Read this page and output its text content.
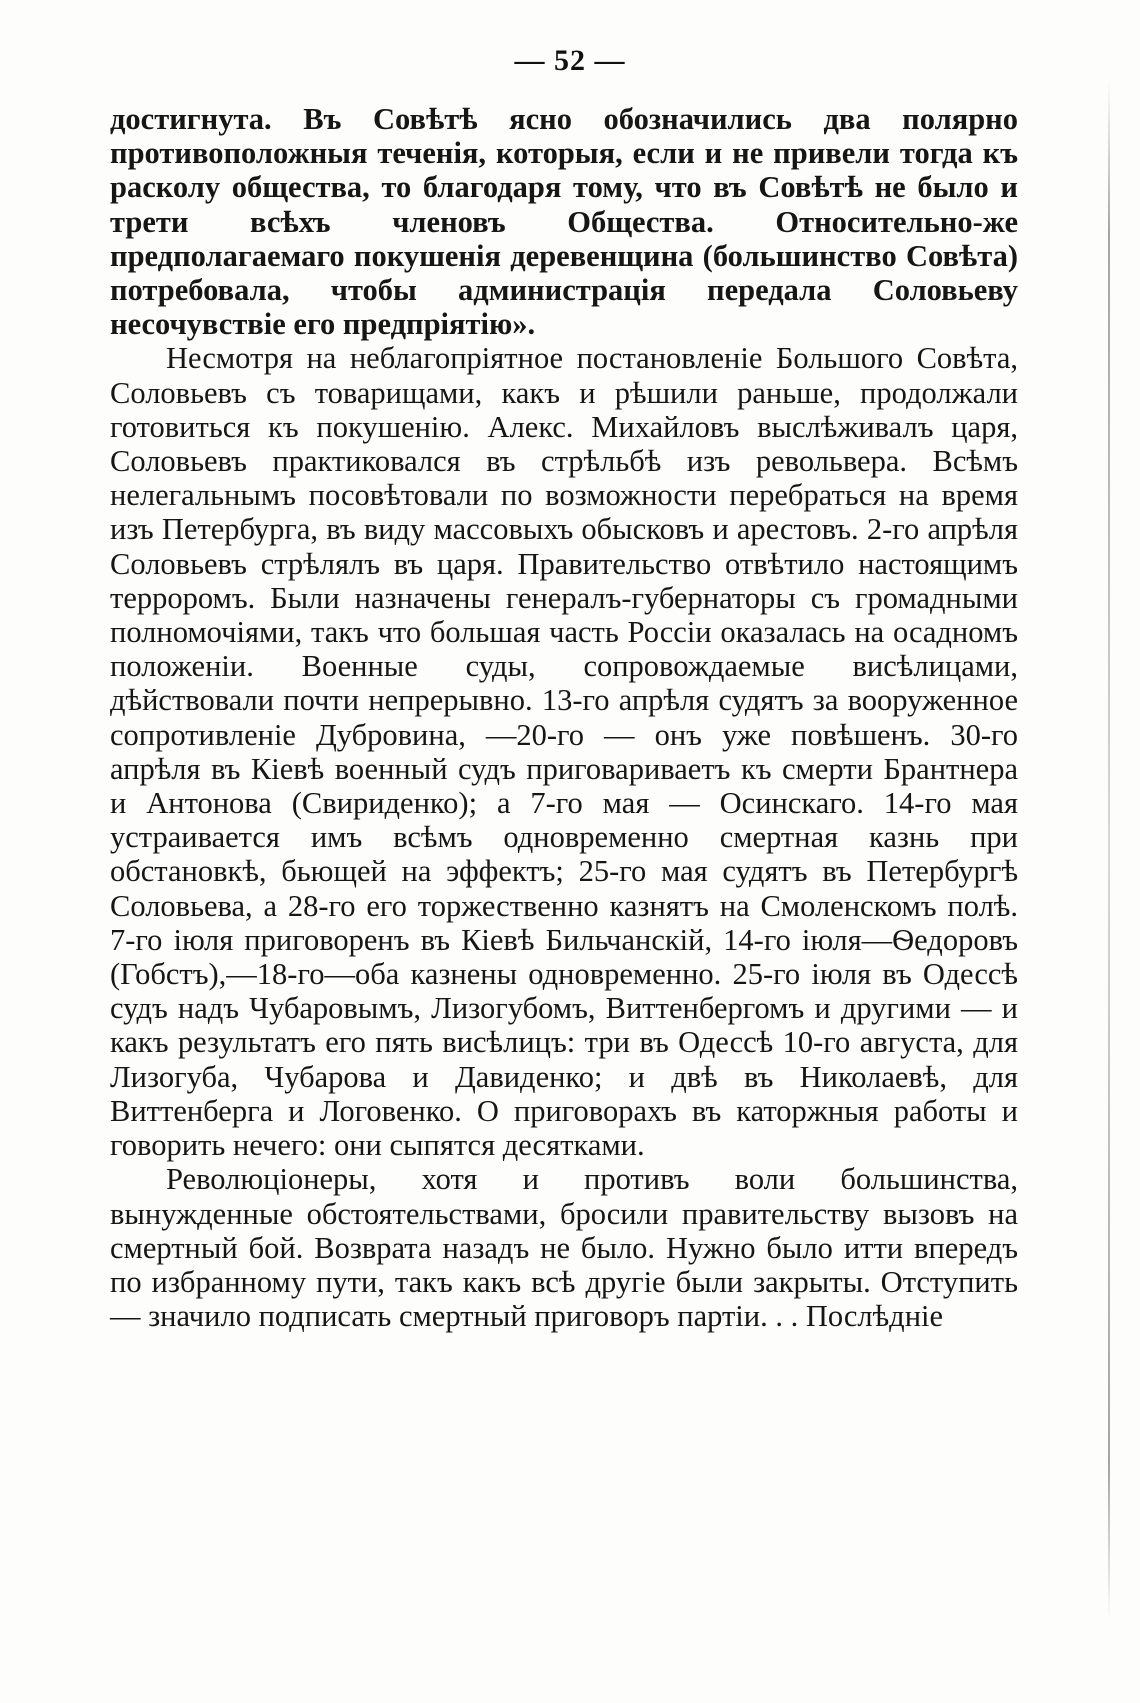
— 52 —

достигнута. Въ Совѣтѣ ясно обозначились два полярно противоположныя теченія, которыя, если и не привели тогда къ расколу общества, то благодаря тому, что въ Совѣтѣ не было и трети всѣхъ членовъ Общества. Относительно-же предполагаемаго покушенія деревенщина (большинство Совѣта) потребовала, чтобы администрація передала Соловьеву несочувствіе его предпріятію».

Несмотря на неблагопріятное постановленіе Большого Совѣта, Соловьевъ съ товарищами, какъ и рѣшили раньше, продолжали готовиться къ покушенію. Алекс. Михайловъ выслѣживалъ царя, Соловьевъ практиковался въ стрѣльбѣ изъ револьвера. Всѣмъ нелегальнымъ посовѣтовали по возможности перебраться на время изъ Петербурга, въ виду массовыхъ обысковъ и арестовъ. 2-го апрѣля Соловьевъ стрѣлялъ въ царя. Правительство отвѣтило настоящимъ терроромъ. Были назначены генералъ-губернаторы съ громадными полномочіями, такъ что большая часть Россіи оказалась на осадномъ положеніи. Военные суды, сопровождаемые висѣлицами, дѣйствовали почти непрерывно. 13-го апрѣля судятъ за вооруженное сопротивленіе Дубровина, —20-го — онъ уже повѣшенъ. 30-го апрѣля въ Кіевѣ военный судъ приговариваетъ къ смерти Брантнера и Антонова (Свириденко); а 7-го мая — Осинскаго. 14-го мая устраивается имъ всѣмъ одновременно смертная казнь при обстановкѣ, бьющей на эффектъ; 25-го мая судятъ въ Петербургѣ Соловьева, а 28-го его торжественно казнятъ на Смоленскомъ полѣ. 7-го іюля приговоренъ въ Кіевѣ Бильчанскій, 14-го іюля—Ѳедоровъ (Гобстъ),—18-го—оба казнены одновременно. 25-го іюля въ Одессѣ судъ надъ Чубаровымъ, Лизогубомъ, Виттенбергомъ и другими — и какъ результатъ его пять висѣлицъ: три въ Одессѣ 10-го августа, для Лизогуба, Чубарова и Давиденко; и двѣ въ Николаевѣ, для Виттенберга и Логовенко. О приговорахъ въ каторжныя работы и говорить нечего: они сыпятся десятками.

Революціонеры, хотя и противъ воли большинства, вынужденные обстоятельствами, бросили правительству вызовъ на смертный бой. Возврата назадъ не было. Нужно было итти впередъ по избранному пути, такъ какъ всѣ другіе были закрыты. Отступить — значило подписать смертный приговоръ партіи. . . Послѣдніе
